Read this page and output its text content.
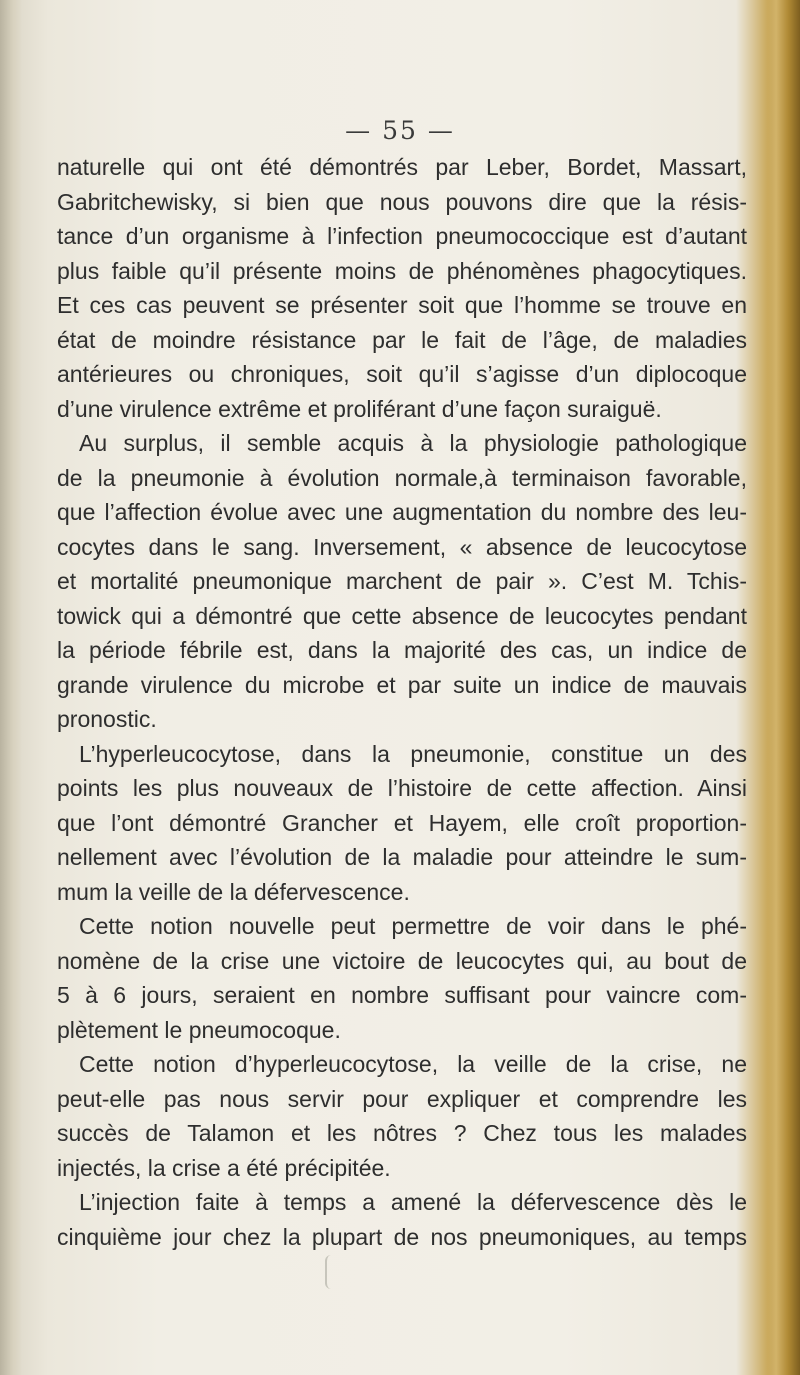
— 55 —
naturelle qui ont été démontrés par Leber, Bordet, Massart,
Gabritchewisky, si bien que nous pouvons dire que la résis-
tance d’un organisme à l’infection pneumococcique est d’autant
plus faible qu’il présente moins de phénomènes phagocytiques.
Et ces cas peuvent se présenter soit que l’homme se trouve en
état de moindre résistance par le fait de l’âge, de maladies
antérieures ou chroniques, soit qu’il s’agisse d’un diplocoque
d’une virulence extrême et proliférant d’une façon suraiguë.
Au surplus, il semble acquis à la physiologie pathologique
de la pneumonie à évolution normale,à terminaison favorable,
que l’affection évolue avec une augmentation du nombre des leu-
cocytes dans le sang. Inversement, « absence de leucocytose
et mortalité pneumonique marchent de pair ». C’est M. Tchis-
towick qui a démontré que cette absence de leucocytes pendant
la période fébrile est, dans la majorité des cas, un indice de
grande virulence du microbe et par suite un indice de mauvais
pronostic.
L’hyperleucocytose, dans la pneumonie, constitue un des
points les plus nouveaux de l’histoire de cette affection. Ainsi
que l’ont démontré Grancher et Hayem, elle croît proportion-
nellement avec l’évolution de la maladie pour atteindre le sum-
mum la veille de la défervescence.
Cette notion nouvelle peut permettre de voir dans le phé-
nomène de la crise une victoire de leucocytes qui, au bout de
5 à 6 jours, seraient en nombre suffisant pour vaincre com-
plètement le pneumocoque.
Cette notion d’hyperleucocytose, la veille de la crise, ne
peut-elle pas nous servir pour expliquer et comprendre les
succès de Talamon et les nôtres ? Chez tous les malades
injectés, la crise a été précipitée.
L’injection faite à temps a amené la défervescence dès le
cinquième jour chez la plupart de nos pneumoniques, au temps
